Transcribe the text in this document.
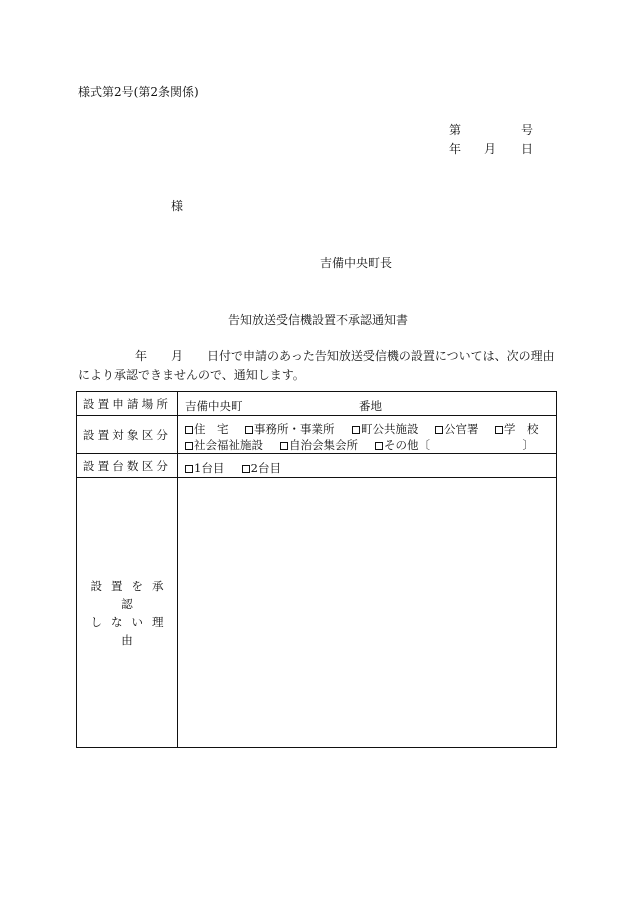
様式第2号(第2条関係)
第	号
年 月 日
様
吉備中央町長
告知放送受信機設置不承認通知書
年 月 日付で申請のあった告知放送受信機の設置については、次の理由
により承認できませんので、通知します。
設置申請場所	吉備中央町	番地
設置対象区分	住　宅	事務所・事業所	町公共施設	公官署	学　校
社会福祉施設	自治会集会所	その他〔	〕
設置台数区分	1台目 2台目
設置を承認
しない理由
